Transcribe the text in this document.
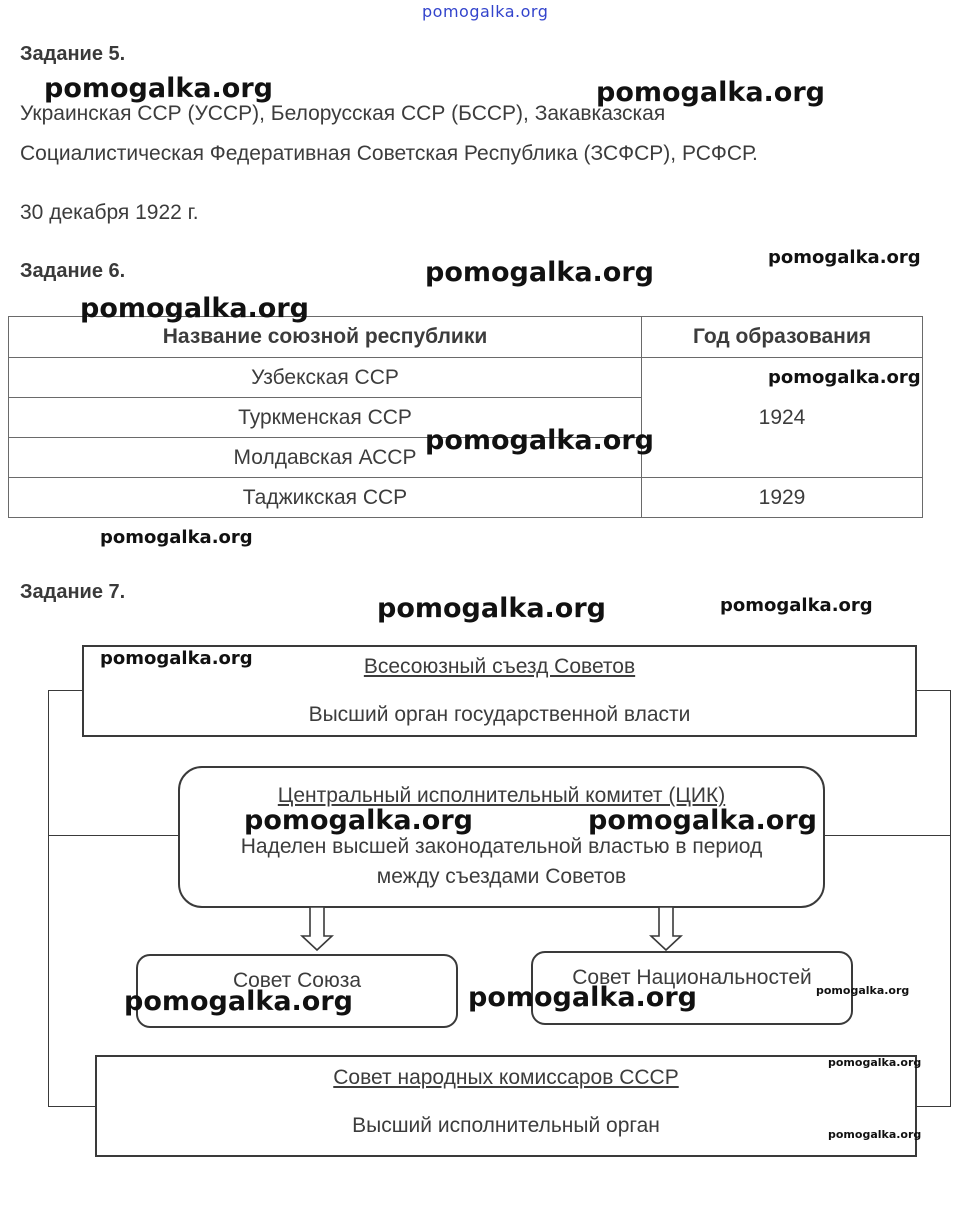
pomogalka.org
Задание 5.
Украинская ССР (УССР), Белорусская ССР (БССР), Закавказская
Социалистическая Федеративная Советская Республика (ЗСФСР), РСФСР.
30 декабря 1922 г.
Задание 6.
Название союзной республики	Год образования
Узбекская ССР	1924
Туркменская ССР	
Молдавская АССР	
Таджикская ССР	1929
Задание 7.
Всесоюзный съезд Советов
Высший орган государственной власти
Центральный исполнительный комитет (ЦИК)
Наделен высшей законодательной властью в период
между съездами Советов
Совет Союза	Совет Национальностей
Совет народных комиссаров СССР
Высший исполнительный орган
pomogalka.org	pomogalka.org
pomogalka.org
pomogalka.org
pomogalka.org
pomogalka.org
pomogalka.org
pomogalka.org
pomogalka.org	pomogalka.org
pomogalka.org
pomogalka.org	pomogalka.org
pomogalka.org	pomogalka.org	pomogalka.org
pomogalka.org
pomogalka.org
